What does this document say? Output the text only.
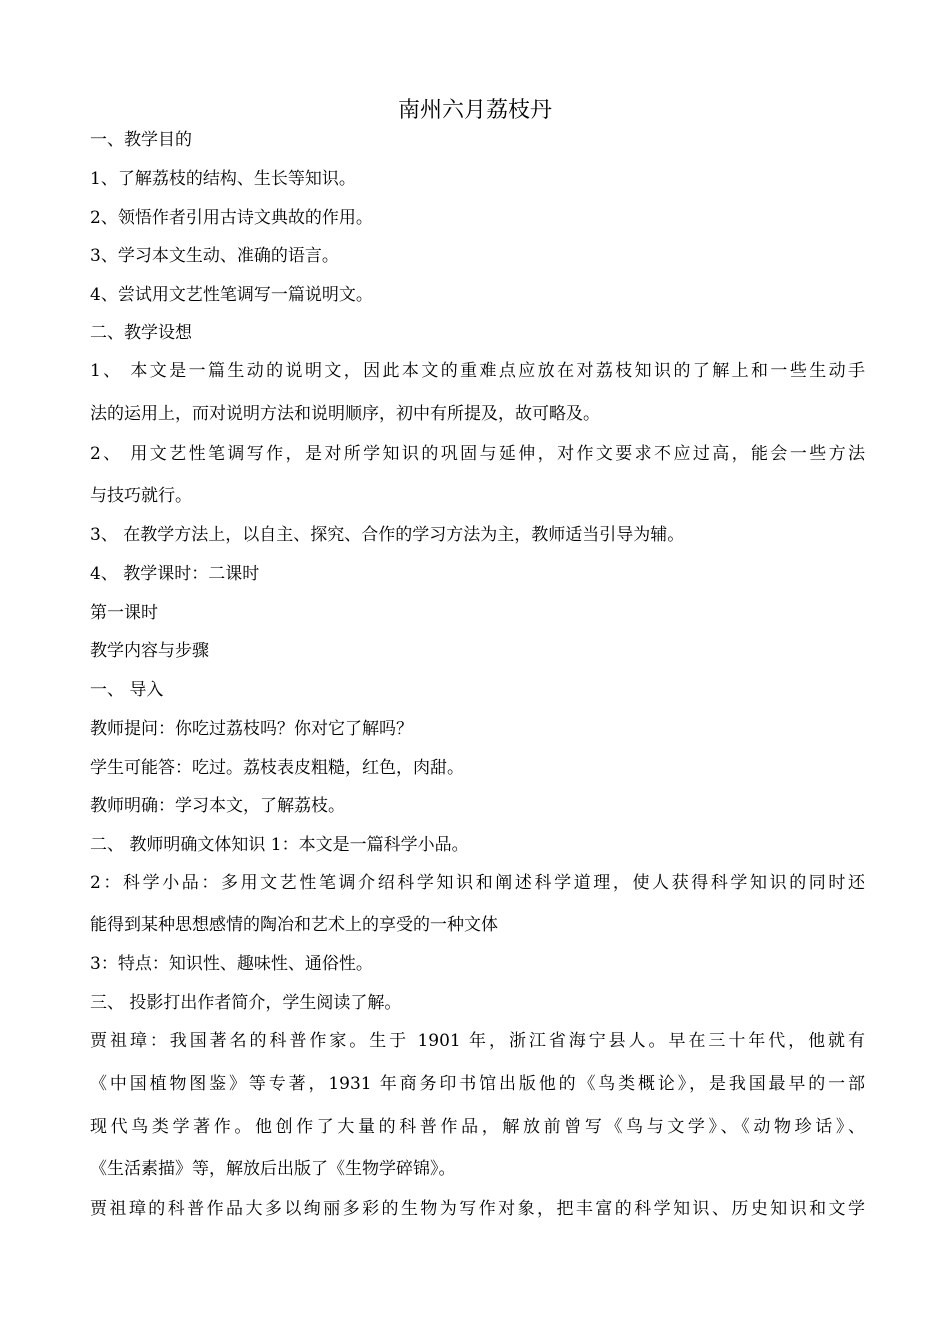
南州六月荔枝丹
一、教学目的
1、了解荔枝的结构、生长等知识。
2、领悟作者引用古诗文典故的作用。
3、学习本文生动、准确的语言。
4、尝试用文艺性笔调写一篇说明文。
二、教学设想
1、 本文是一篇生动的说明文，因此本文的重难点应放在对荔枝知识的了解上和一些生动手
法的运用上，而对说明方法和说明顺序，初中有所提及，故可略及。
2、 用文艺性笔调写作，是对所学知识的巩固与延伸，对作文要求不应过高，能会一些方法
与技巧就行。
3、 在教学方法上，以自主、探究、合作的学习方法为主，教师适当引导为辅。
4、 教学课时：二课时
第一课时
教学内容与步骤
一、 导入
教师提问：你吃过荔枝吗？你对它了解吗？
学生可能答：吃过。荔枝表皮粗糙，红色，肉甜。
教师明确：学习本文，了解荔枝。
二、 教师明确文体知识 1：本文是一篇科学小品。
2：科学小品：多用文艺性笔调介绍科学知识和阐述科学道理，使人获得科学知识的同时还
能得到某种思想感情的陶冶和艺术上的享受的一种文体
3：特点：知识性、趣味性、通俗性。
三、 投影打出作者简介，学生阅读了解。
贾祖璋：我国著名的科普作家。生于 1901 年，浙江省海宁县人。早在三十年代，他就有
《中国植物图鉴》等专著，1931 年商务印书馆出版他的《鸟类概论》，是我国最早的一部
现代鸟类学著作。他创作了大量的科普作品，解放前曾写《鸟与文学》、《动物珍话》、
《生活素描》等，解放后出版了《生物学碎锦》。
贾祖璋的科普作品大多以绚丽多彩的生物为写作对象，把丰富的科学知识、历史知识和文学
